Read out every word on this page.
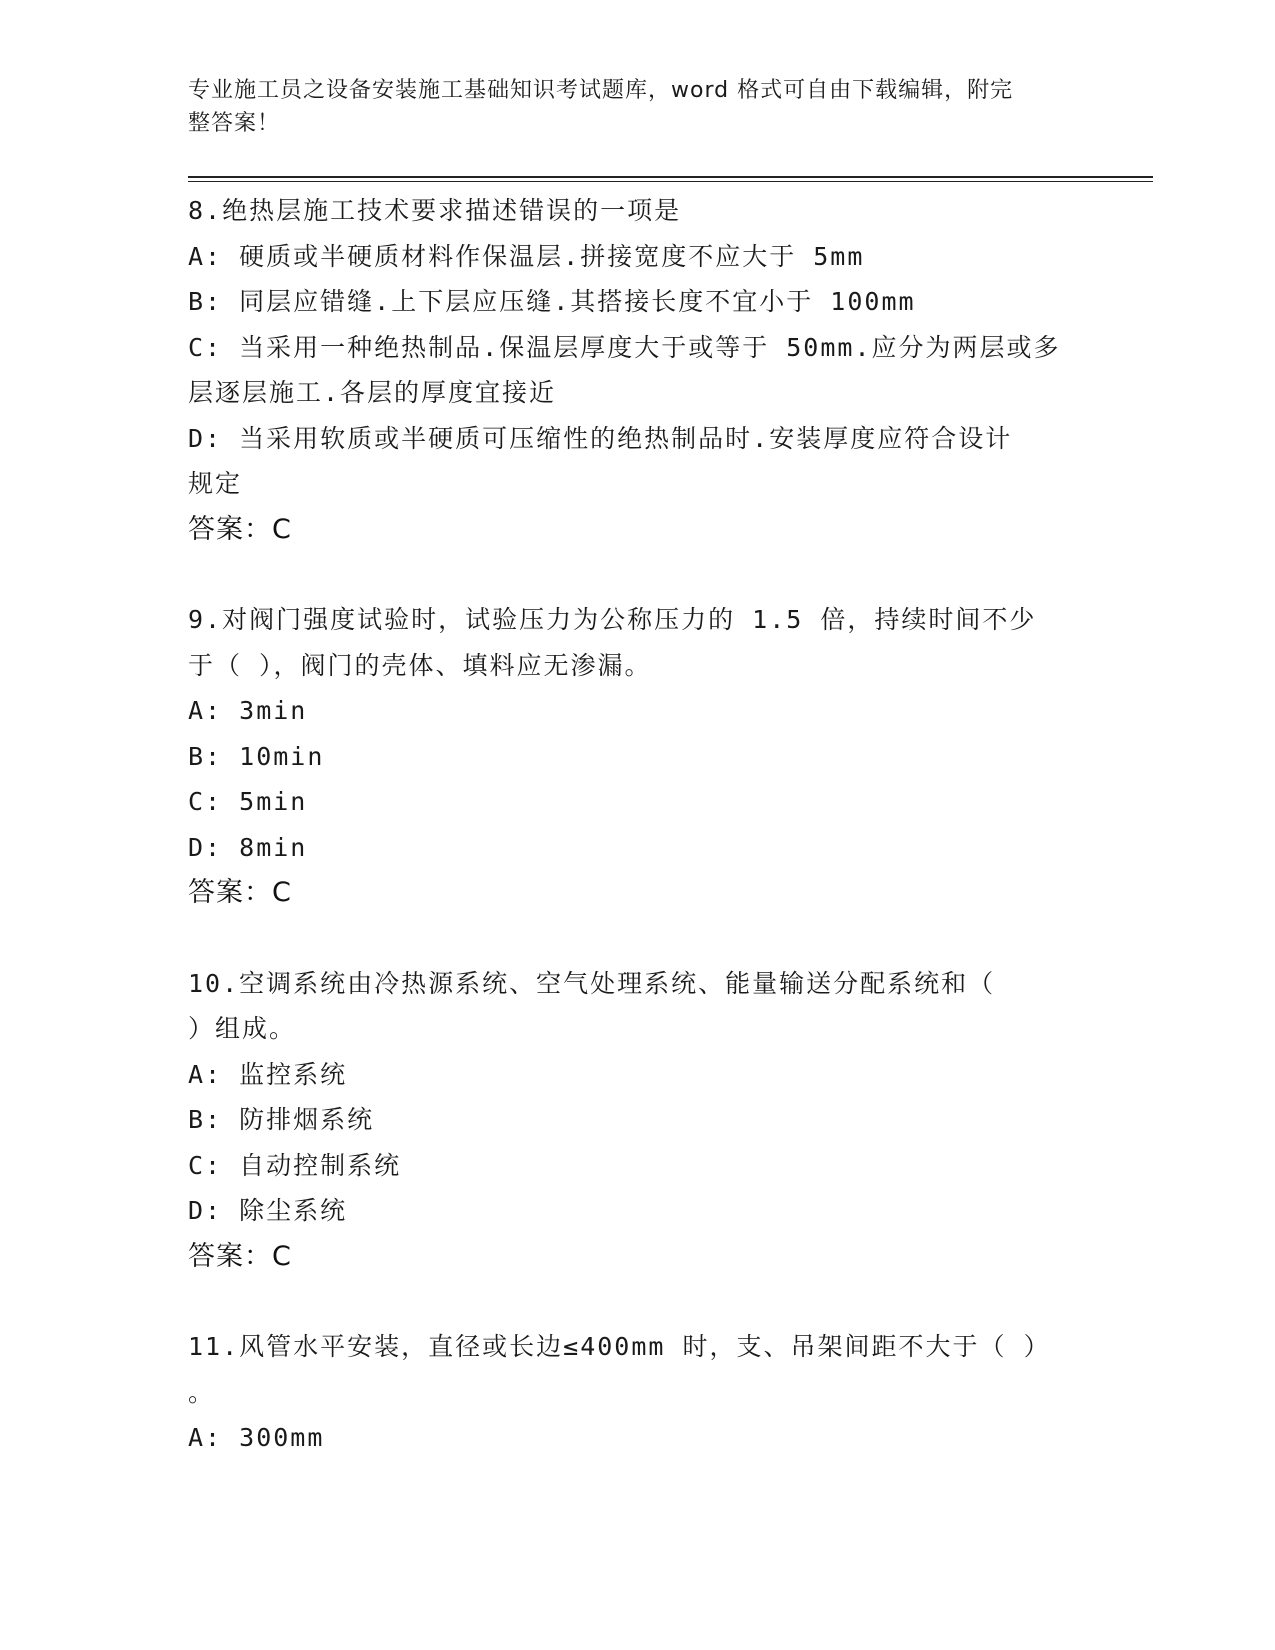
专业施工员之设备安装施工基础知识考试题库，word 格式可自由下载编辑，附完
整答案！
8.绝热层施工技术要求描述错误的一项是
A: 硬质或半硬质材料作保温层.拼接宽度不应大于 5mm
B: 同层应错缝.上下层应压缝.其搭接长度不宜小于 100mm
C: 当采用一种绝热制品.保温层厚度大于或等于 50mm.应分为两层或多
层逐层施工.各层的厚度宜接近
D: 当采用软质或半硬质可压缩性的绝热制品时.安装厚度应符合设计
规定
答案：C
9.对阀门强度试验时，试验压力为公称压力的 1.5 倍，持续时间不少
于（ ），阀门的壳体、填料应无渗漏。
A: 3min
B: 10min
C: 5min
D: 8min
答案：C
10.空调系统由冷热源系统、空气处理系统、能量输送分配系统和（
）组成。
A: 监控系统
B: 防排烟系统
C: 自动控制系统
D: 除尘系统
答案：C
11.风管水平安装，直径或长边≤400mm 时，支、吊架间距不大于（ ）
。
A: 300mm
